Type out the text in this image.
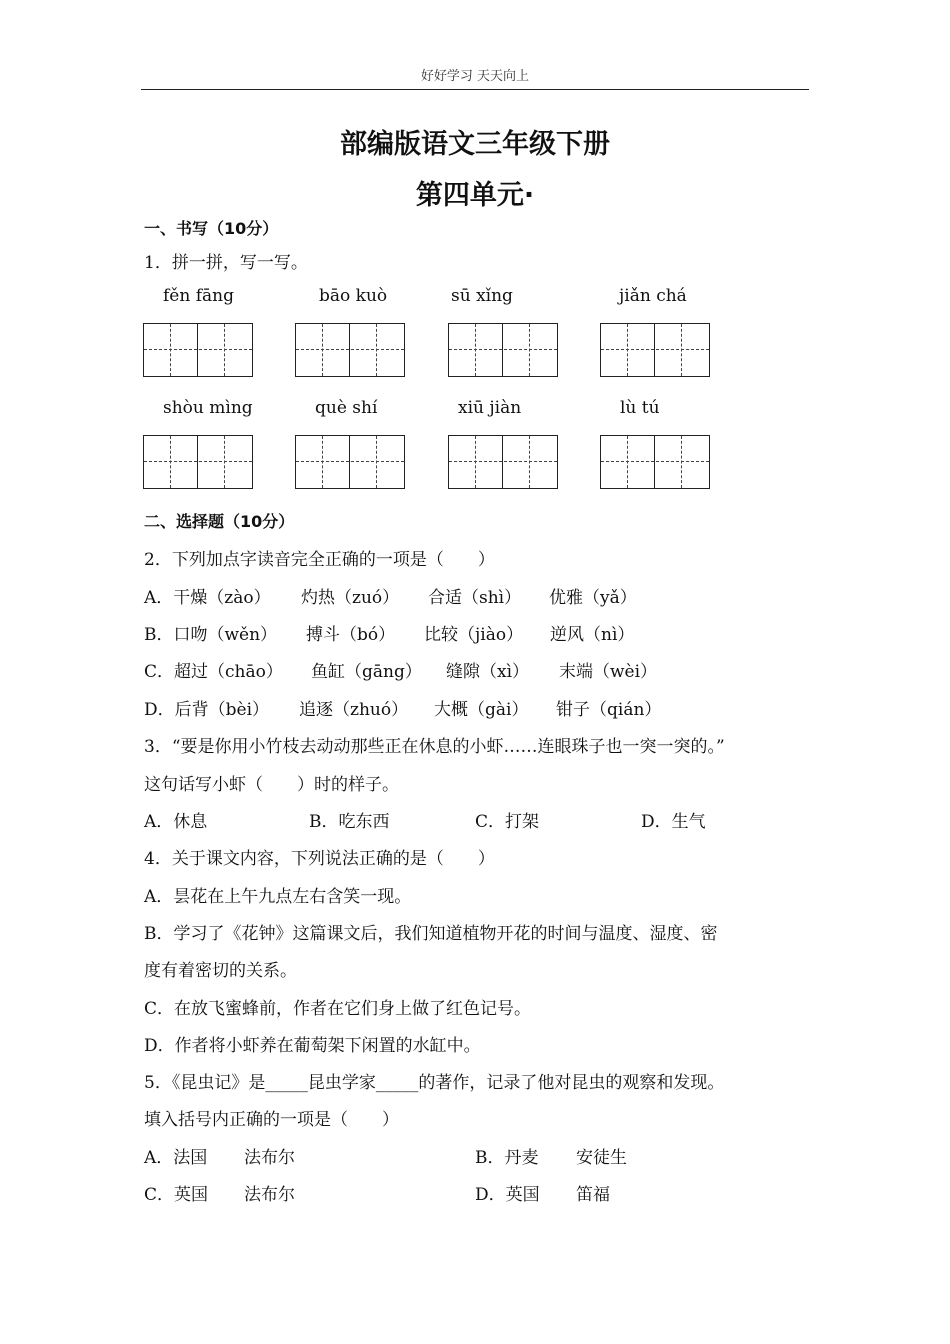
好好学习 天天向上
部编版语文三年级下册
第四单元·
一、书写（10分）
1．拼一拼，写一写。
fěn fāng	bāo kuò	sū xǐng	jiǎn chá
shòu mìng	què shí	xiū jiàn	lù tú
二、选择题（10分）
2．下列加点字读音完全正确的一项是（　　）
A．干燥（zào） 灼热（zuó） 合适（shì） 优雅（yǎ）
B．口吻（wěn） 搏斗（bó） 比较（jiào） 逆风（nì）
C．超过（chāo） 鱼缸（gāng） 缝隙（xì） 末端（wèi）
D．后背（bèi） 追逐（zhuó） 大概（gài） 钳子（qián）
3．“要是你用小竹枝去动动那些正在休息的小虾……连眼珠子也一突一突的。”
这句话写小虾（　　）时的样子。
A．休息	B．吃东西	C．打架	D．生气
4．关于课文内容，下列说法正确的是（　　）
A．昙花在上午九点左右含笑一现。
B．学习了《花钟》这篇课文后，我们知道植物开花的时间与温度、湿度、密
度有着密切的关系。
C．在放飞蜜蜂前，作者在它们身上做了红色记号。
D．作者将小虾养在葡萄架下闲置的水缸中。
5．《昆虫记》是_____昆虫学家_____的著作，记录了他对昆虫的观察和发现。
填入括号内正确的一项是（　　）
A．法国 法布尔	B．丹麦 安徒生
C．英国 法布尔	D．英国 笛福
